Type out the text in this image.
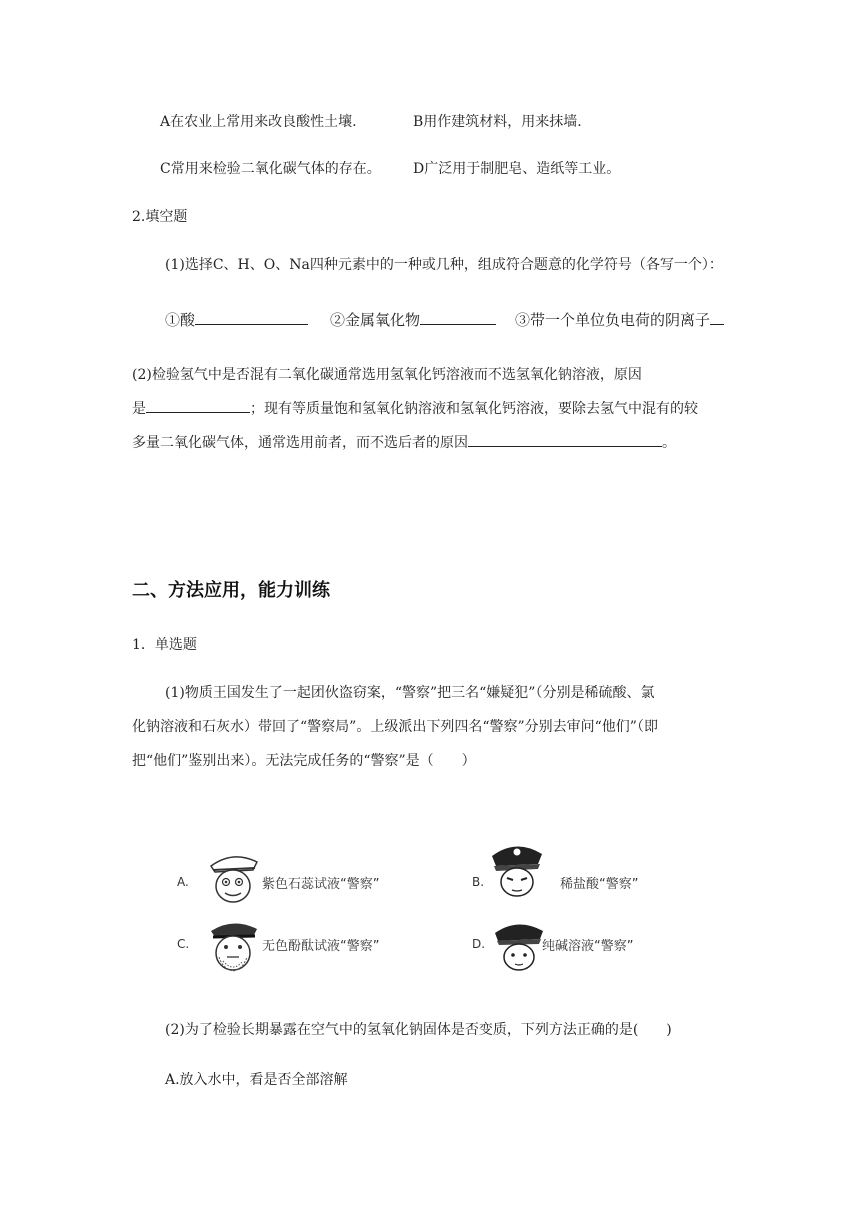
A在农业上常用来改良酸性土壤.	B用作建筑材料，用来抹墙.
C常用来检验二氧化碳气体的存在。 D广泛用于制肥皂、造纸等工业。
2.填空题
(1)选择C、H、O、Na四种元素中的一种或几种，组成符合题意的化学符号（各写一个）：
①酸	②金属氧化物	③带一个单位负电荷的阴离子
(2)检验氢气中是否混有二氧化碳通常选用氢氧化钙溶液而不选氢氧化钠溶液，原因
是	；现有等质量饱和氢氧化钠溶液和氢氧化钙溶液，要除去氢气中混有的较
多量二氧化碳气体，通常选用前者，而不选后者的原因	。
二、方法应用，能力训练
1．单选题
(1)物质王国发生了一起团伙盗窃案，“警察”把三名“嫌疑犯”（分别是稀硫酸、氯
化钠溶液和石灰水）带回了“警察局”。上级派出下列四名“警察”分别去审问“他们”（即
把“他们”鉴别出来）。无法完成任务的“警察”是（　　）
A.	紫色石蕊试液“警察”	B.	稀盐酸“警察”
C.	无色酚酞试液“警察”	D.	纯碱溶液“警察”
(2)为了检验长期暴露在空气中的氢氧化钠固体是否变质，下列方法正确的是(　　)
A.放入水中，看是否全部溶解
